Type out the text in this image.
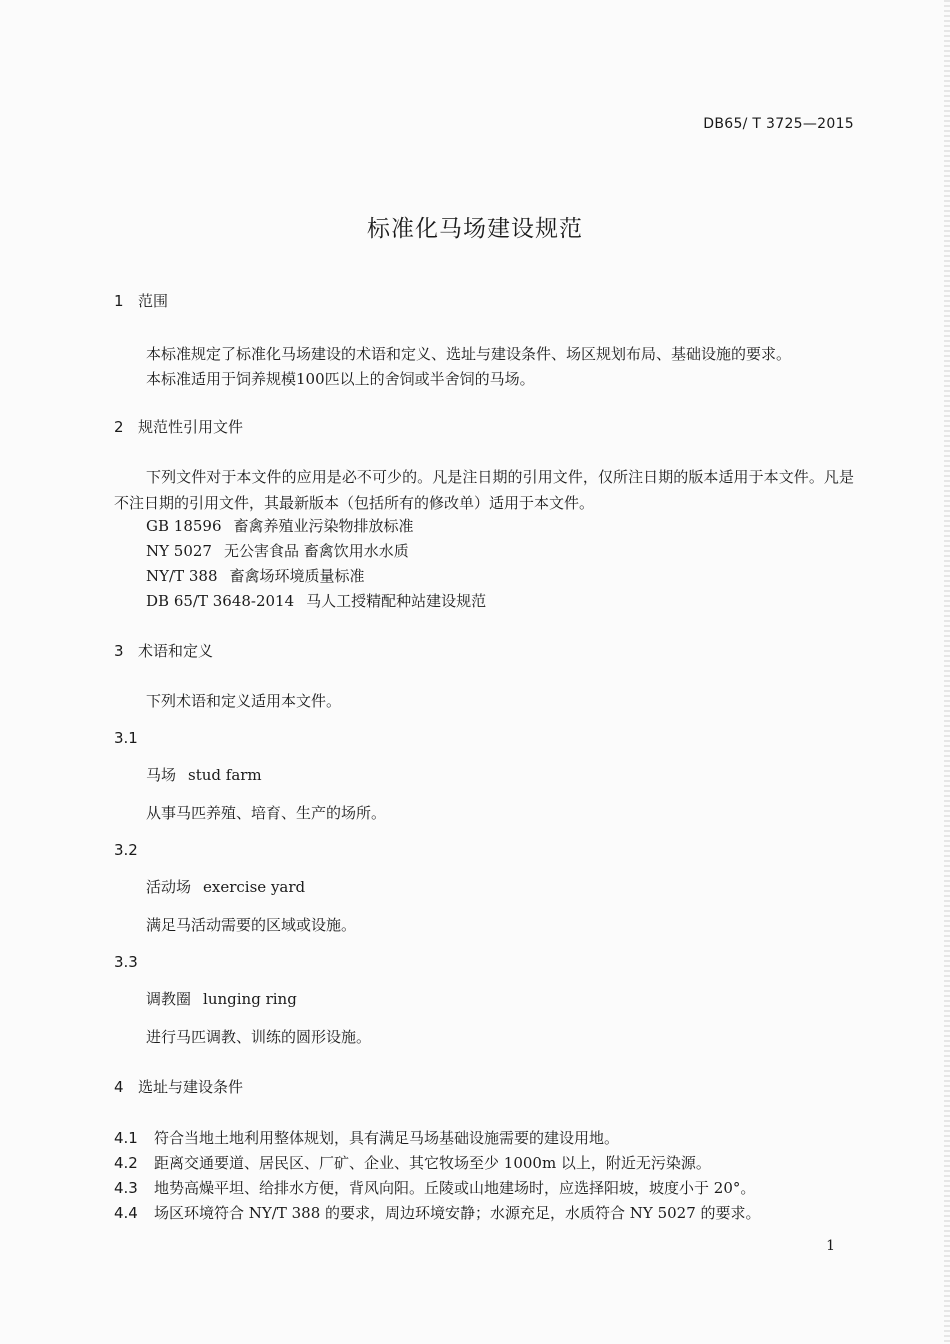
DB65/ T 3725—2015
标准化马场建设规范
1 范围
本标准规定了标准化马场建设的术语和定义、选址与建设条件、场区规划布局、基础设施的要求。
本标准适用于饲养规模100匹以上的舍饲或半舍饲的马场。
2 规范性引用文件
下列文件对于本文件的应用是必不可少的。凡是注日期的引用文件，仅所注日期的版本适用于本文件。凡是不注日期的引用文件，其最新版本（包括所有的修改单）适用于本文件。
GB 18596 畜禽养殖业污染物排放标准
NY 5027 无公害食品 畜禽饮用水水质
NY/T 388 畜禽场环境质量标准
DB 65/T 3648-2014 马人工授精配种站建设规范
3 术语和定义
下列术语和定义适用本文件。
3.1
马场 stud farm
从事马匹养殖、培育、生产的场所。
3.2
活动场 exercise yard
满足马活动需要的区域或设施。
3.3
调教圈 lunging ring
进行马匹调教、训练的圆形设施。
4 选址与建设条件
4.1 符合当地土地利用整体规划，具有满足马场基础设施需要的建设用地。
4.2 距离交通要道、居民区、厂矿、企业、其它牧场至少 1000m 以上，附近无污染源。
4.3 地势高燥平坦、给排水方便，背风向阳。丘陵或山地建场时，应选择阳坡，坡度小于 20°。
4.4 场区环境符合 NY/T 388 的要求，周边环境安静；水源充足，水质符合 NY 5027 的要求。
1
